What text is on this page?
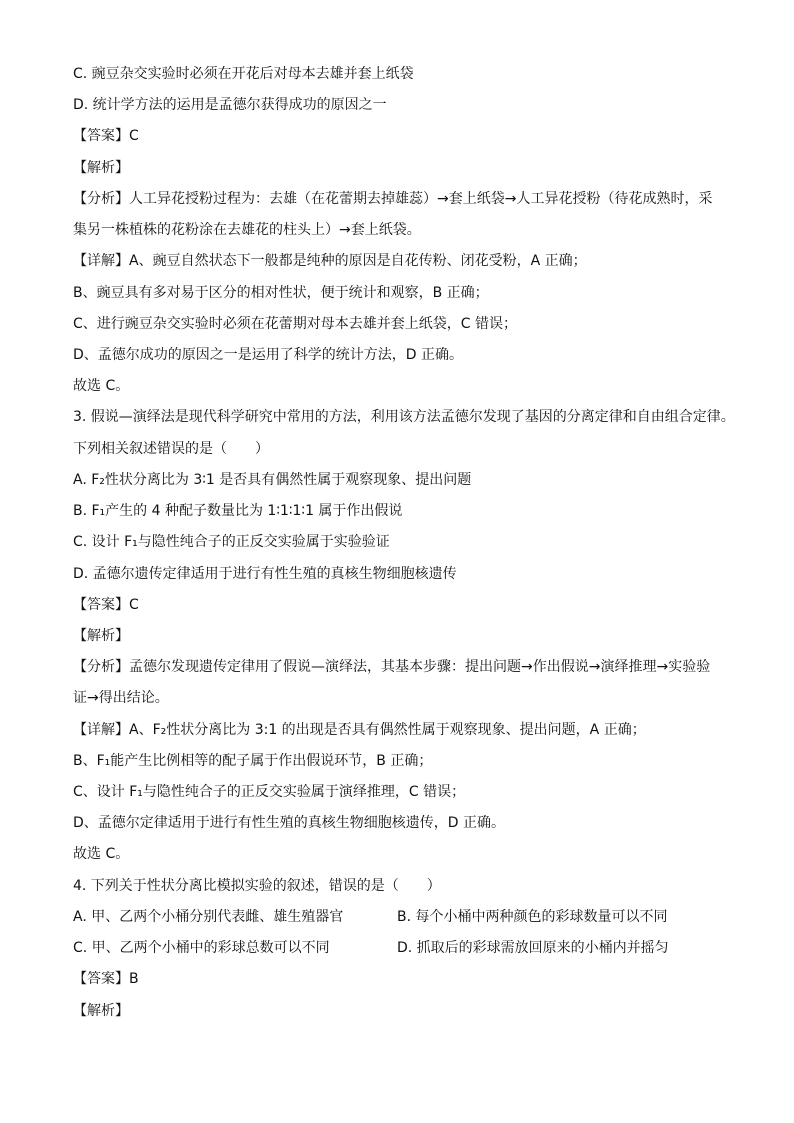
C. 豌豆杂交实验时必须在开花后对母本去雄并套上纸袋
D. 统计学方法的运用是孟德尔获得成功的原因之一
【答案】C
【解析】
【分析】人工异花授粉过程为：去雄（在花蕾期去掉雄蕊）→套上纸袋→人工异花授粉（待花成熟时，采
集另一株植株的花粉涂在去雄花的柱头上）→套上纸袋。
【详解】A、豌豆自然状态下一般都是纯种的原因是自花传粉、闭花受粉，A 正确；
B、豌豆具有多对易于区分的相对性状，便于统计和观察，B 正确；
C、进行豌豆杂交实验时必须在花蕾期对母本去雄并套上纸袋，C 错误；
D、孟德尔成功的原因之一是运用了科学的统计方法，D 正确。
故选 C。
3. 假说—演绎法是现代科学研究中常用的方法，利用该方法孟德尔发现了基因的分离定律和自由组合定律。
下列相关叙述错误的是（　　）
A. F₂性状分离比为 3∶1 是否具有偶然性属于观察现象、提出问题
B. F₁产生的 4 种配子数量比为 1∶1∶1∶1 属于作出假说
C. 设计 F₁与隐性纯合子的正反交实验属于实验验证
D. 孟德尔遗传定律适用于进行有性生殖的真核生物细胞核遗传
【答案】C
【解析】
【分析】孟德尔发现遗传定律用了假说—演绎法，其基本步骤：提出问题→作出假说→演绎推理→实验验
证→得出结论。
【详解】A、F₂性状分离比为 3:1 的出现是否具有偶然性属于观察现象、提出问题，A 正确；
B、F₁能产生比例相等的配子属于作出假说环节，B 正确；
C、设计 F₁与隐性纯合子的正反交实验属于演绎推理，C 错误；
D、孟德尔定律适用于进行有性生殖的真核生物细胞核遗传，D 正确。
故选 C。
4. 下列关于性状分离比模拟实验的叙述，错误的是（　　）
A. 甲、乙两个小桶分别代表雌、雄生殖器官	B. 每个小桶中两种颜色的彩球数量可以不同
C. 甲、乙两个小桶中的彩球总数可以不同	D. 抓取后的彩球需放回原来的小桶内并摇匀
【答案】B
【解析】
